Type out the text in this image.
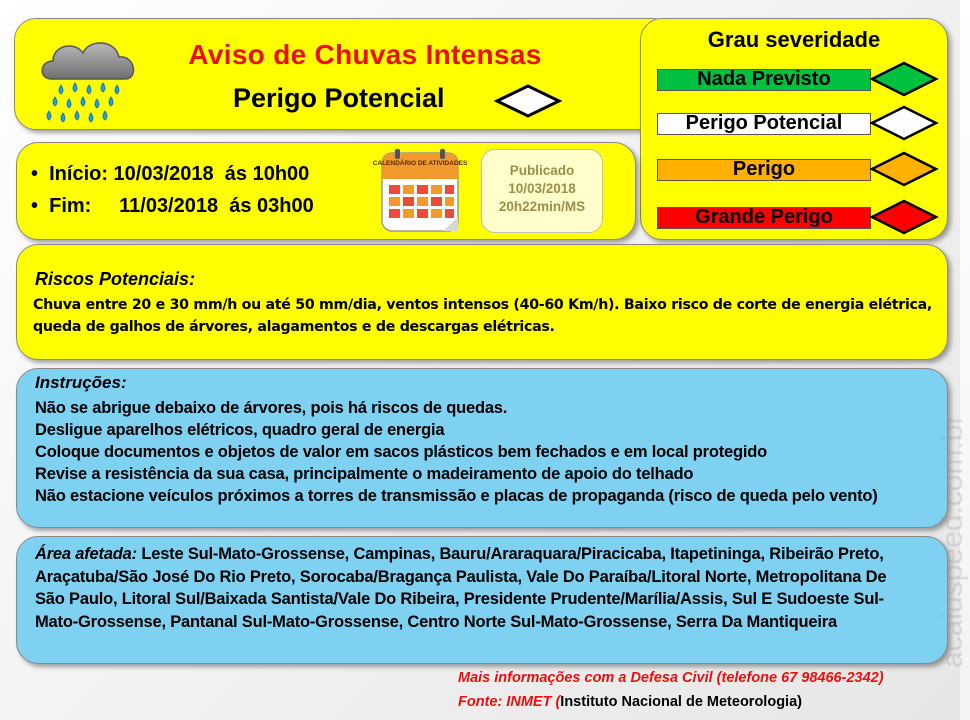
Aviso de Chuvas Intensas
Perigo Potencial
Grau severidade
Nada Previsto
Perigo Potencial
Perigo
Grande Perigo
•  Início: 10/03/2018  ás 10h00
•  Fim:     11/03/2018  ás 03h00
CALENDÁRIO DE ATIVIDADES	Publicado
10/03/2018
20h22min/MS
Riscos Potenciais:
Chuva entre 20 e 30 mm/h ou até 50 mm/dia, ventos intensos (40-60 Km/h). Baixo risco de corte de energia elétrica, queda de galhos de árvores, alagamentos e de descargas elétricas.
Instruções:
Não se abrigue debaixo de árvores, pois há riscos de quedas.
Desligue aparelhos elétricos, quadro geral de energia
Coloque documentos e objetos de valor em sacos plásticos bem fechados e em local protegido
Revise a resistência da sua casa, principalmente o madeiramento de apoio do telhado
Não estacione veículos próximos a torres de transmissão e placas de propaganda (risco de queda pelo vento)
Área afetada: Leste Sul-Mato-Grossense, Campinas, Bauru/Araraquara/Piracicaba, Itapetininga, Ribeirão Preto, Araçatuba/São José Do Rio Preto, Sorocaba/Bragança Paulista, Vale Do Paraíba/Litoral Norte, Metropolitana De São Paulo, Litoral Sul/Baixada Santista/Vale Do Ribeira, Presidente Prudente/Marília/Assis, Sul E Sudoeste Sul-Mato-Grossense, Pantanal Sul-Mato-Grossense, Centro Norte Sul-Mato-Grossense, Serra Da Mantiqueira
Mais informações com a Defesa Civil (telefone 67 98466-2342)
Fonte: INMET (Instituto Nacional de Meteorologia)
acaiuspeed.com.br
